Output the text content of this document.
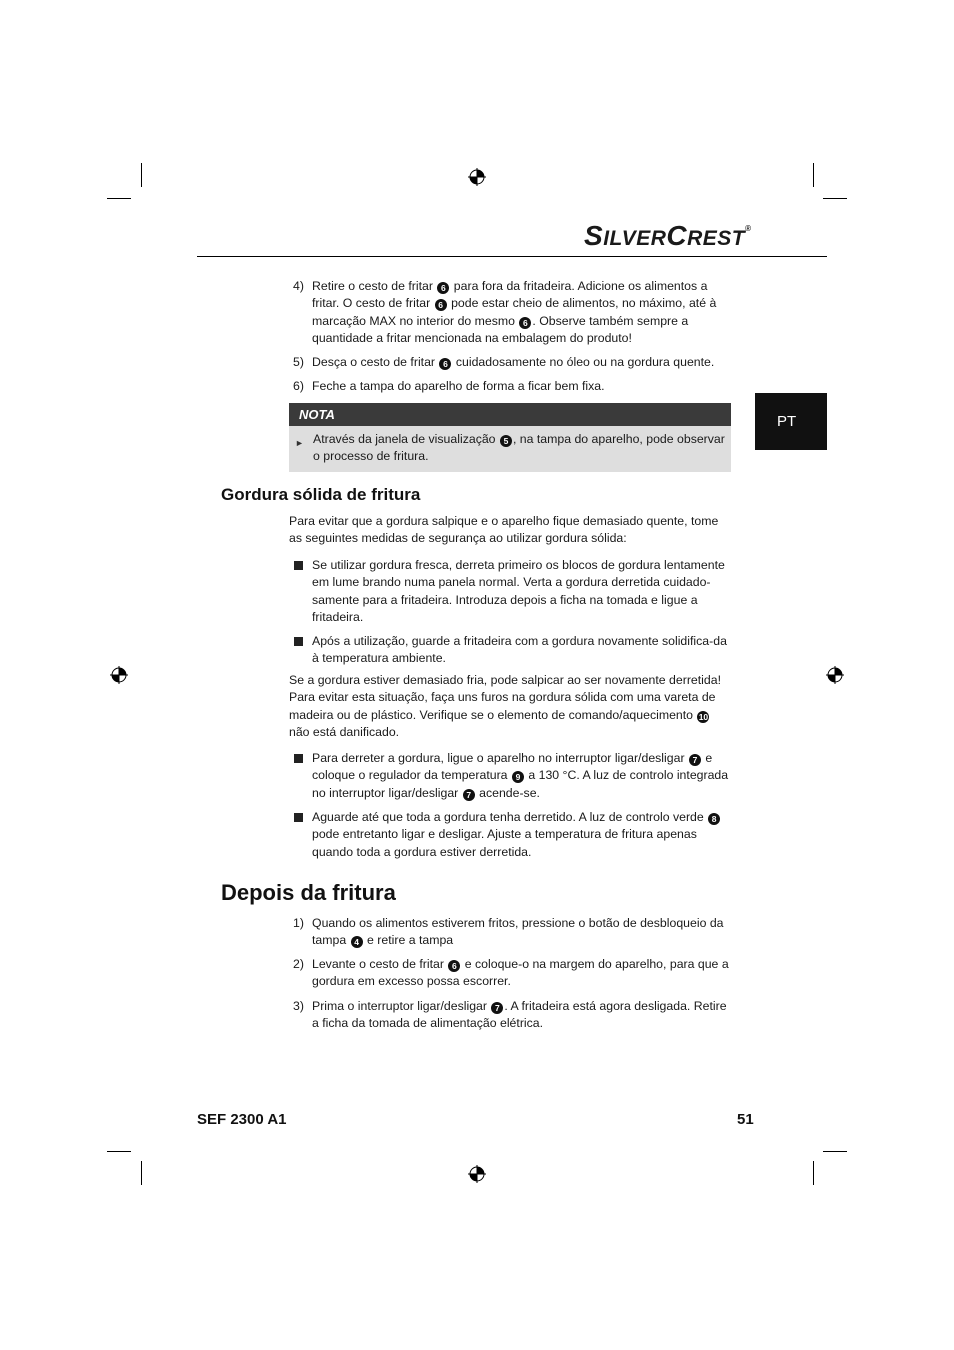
SILVERCREST®
PT
4) Retire o cesto de fritar 6 para fora da fritadeira. Adicione os alimentos a fritar. O cesto de fritar 6 pode estar cheio de alimentos, no máximo, até à marcação MAX no interior do mesmo 6 . Observe também sempre a quantidade a fritar mencionada na embalagem do produto!
5) Desça o cesto de fritar 6 cuidadosamente no óleo ou na gordura quente.
6) Feche a tampa do aparelho de forma a ficar bem fixa.
NOTA
► Através da janela de visualização 5 , na tampa do aparelho, pode observar o processo de fritura.
Gordura sólida de fritura
Para evitar que a gordura salpique e o aparelho fique demasiado quente, tome as seguintes medidas de segurança ao utilizar gordura sólida:
Se utilizar gordura fresca, derreta primeiro os blocos de gordura lentamente em lume brando numa panela normal. Verta a gordura derretida cuidado-samente para a fritadeira. Introduza depois a ficha na tomada e ligue a fritadeira.
Após a utilização, guarde a fritadeira com a gordura novamente solidifica-da à temperatura ambiente.
Se a gordura estiver demasiado fria, pode salpicar ao ser novamente derretida! Para evitar esta situação, faça uns furos na gordura sólida com uma vareta de madeira ou de plástico. Verifique se o elemento de comando/aquecimento 10 não está danificado.
Para derreter a gordura, ligue o aparelho no interruptor ligar/desligar 7 e coloque o regulador da temperatura 9 a 130 °C. A luz de controlo integrada no interruptor ligar/desligar 7 acende-se.
Aguarde até que toda a gordura tenha derretido. A luz de controlo verde 8 pode entretanto ligar e desligar. Ajuste a temperatura de fritura apenas quando toda a gordura estiver derretida.
Depois da fritura
1) Quando os alimentos estiverem fritos, pressione o botão de desbloqueio da tampa 4 e retire a tampa
2) Levante o cesto de fritar 6 e coloque-o na margem do aparelho, para que a gordura em excesso possa escorrer.
3) Prima o interruptor ligar/desligar 7 . A fritadeira está agora desligada. Retire a ficha da tomada de alimentação elétrica.
SEF 2300 A1	51
